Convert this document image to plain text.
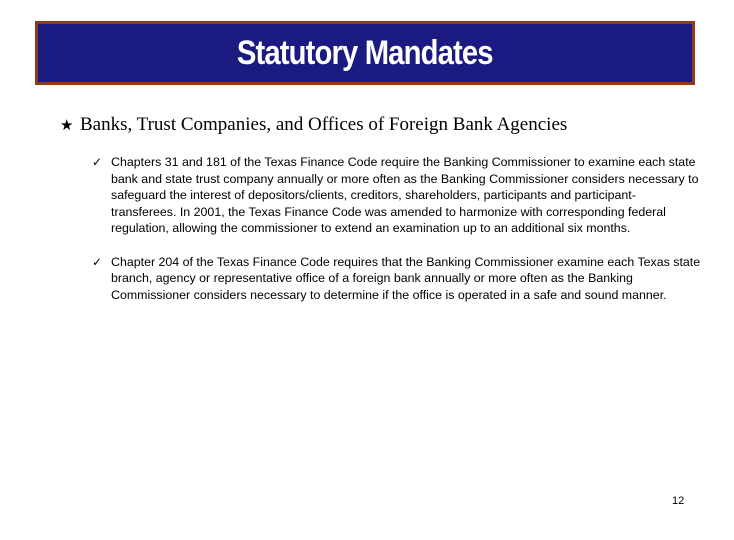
Statutory Mandates
★ Banks, Trust Companies, and Offices of Foreign Bank Agencies
✓ Chapters 31 and 181 of the Texas Finance Code require the Banking Commissioner to examine each state bank and state trust company annually or more often as the Banking Commissioner considers necessary to safeguard the interest of depositors/clients, creditors, shareholders, participants and participant-transferees. In 2001, the Texas Finance Code was amended to harmonize with corresponding federal regulation, allowing the commissioner to extend an examination up to an additional six months.
✓ Chapter 204 of the Texas Finance Code requires that the Banking Commissioner examine each Texas state branch, agency or representative office of a foreign bank annually or more often as the Banking Commissioner considers necessary to determine if the office is operated in a safe and sound manner.
12
